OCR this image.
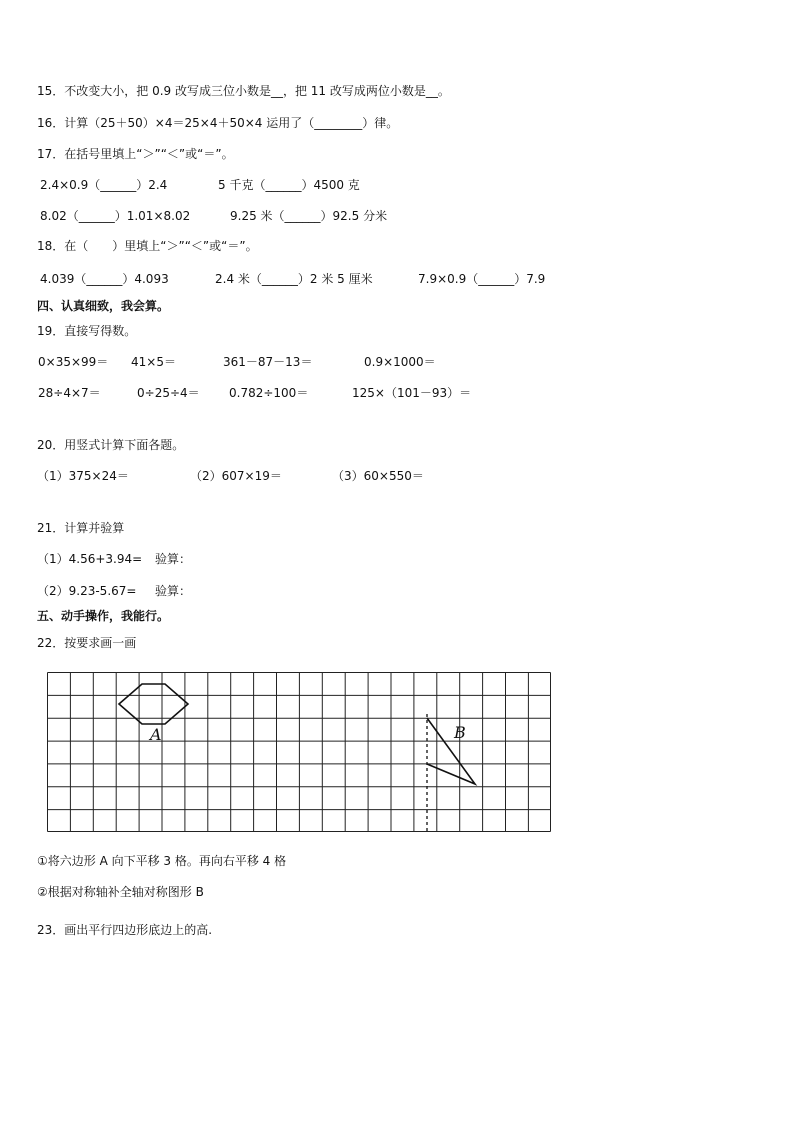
15．不改变大小，把 0.9 改写成三位小数是__，把 11 改写成两位小数是__。
16．计算（25＋50）×4＝25×4＋50×4 运用了（________）律。
17．在括号里填上“＞”“＜”或“＝”。
2.4×0.9（______）2.4	5 千克（______）4500 克
8.02（______）1.01×8.02	9.25 米（______）92.5 分米
18．在（　　）里填上“＞”“＜”或“＝”。
4.039（______）4.093	2.4 米（______）2 米 5 厘米	7.9×0.9（______）7.9
四、认真细致，我会算。
19．直接写得数。
0×35×99＝ 41×5＝	361－87－13＝	0.9×1000＝
28÷4×7＝	0÷25÷4＝ 0.782÷100＝	125×（101－93）＝
20．用竖式计算下面各题。
（1）375×24＝	（2）607×19＝	（3）60×550＝
21．计算并验算
（1）4.56+3.94= 验算：
（2）9.23-5.67= 验算：
五、动手操作，我能行。
22．按要求画一画
A	B
①将六边形 A 向下平移 3 格。再向右平移 4 格
②根据对称轴补全轴对称图形 B
23．画出平行四边形底边上的高.
